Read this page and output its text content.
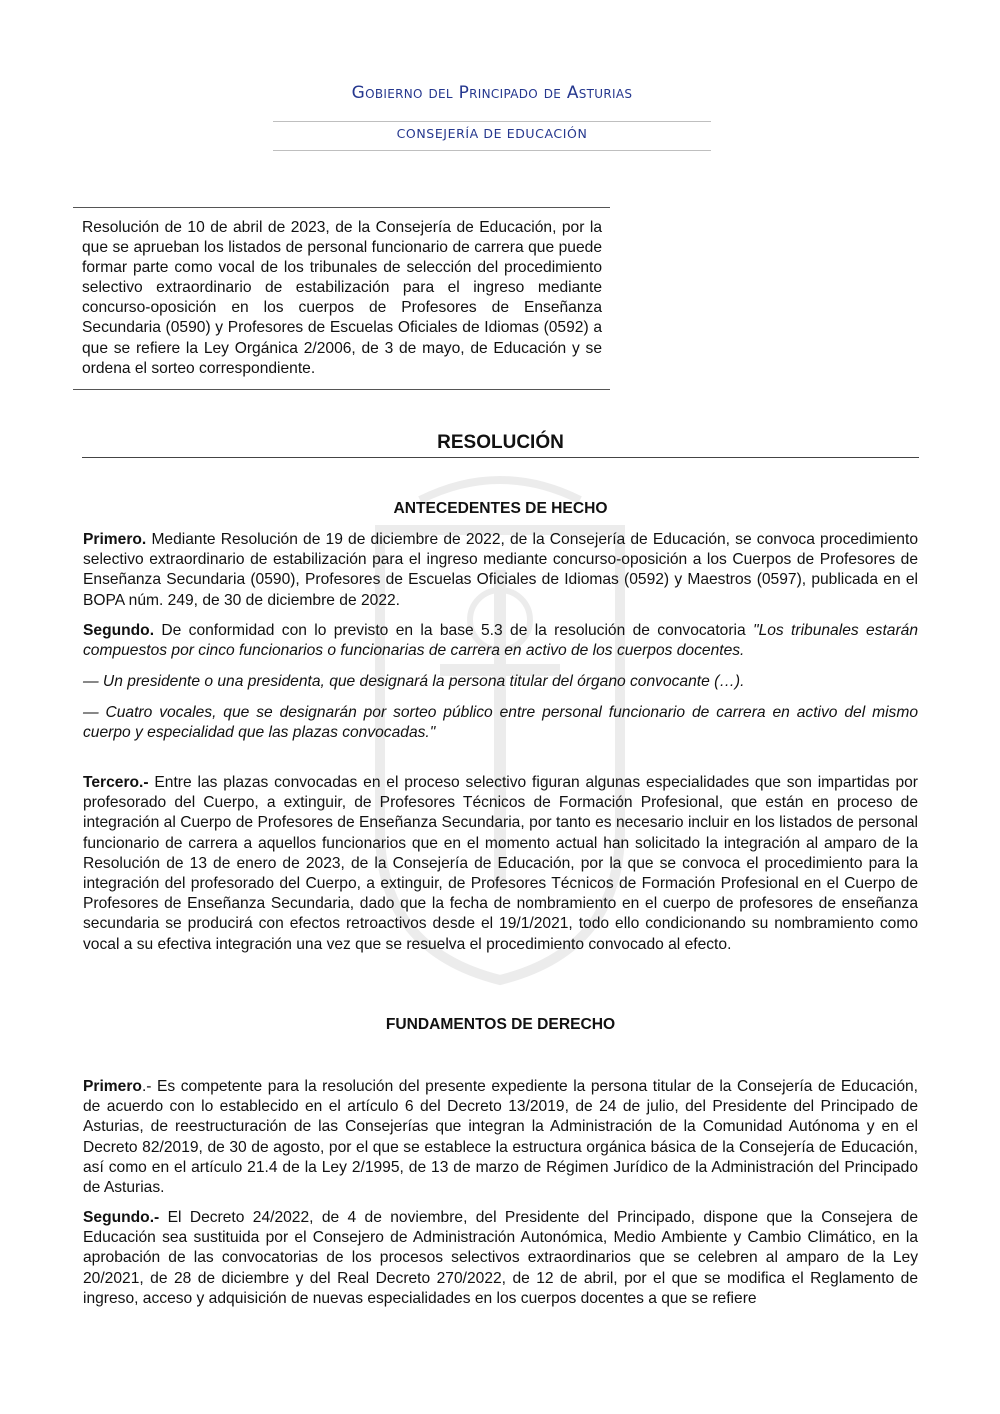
Gobierno del Principado de Asturias
CONSEJERÍA DE EDUCACIÓN

Resolución de 10 de abril de 2023, de la Consejería de Educación, por la que se aprueban los listados de personal funcionario de carrera que puede formar parte como vocal de los tribunales de selección del procedimiento selectivo extraordinario de estabilización para el ingreso mediante concurso-oposición en los cuerpos de Profesores de Enseñanza Secundaria (0590) y Profesores de Escuelas Oficiales de Idiomas (0592) a que se refiere la Ley Orgánica 2/2006, de 3 de mayo, de Educación y se ordena el sorteo correspondiente.

RESOLUCIÓN
ANTECEDENTES DE HECHO

Primero. Mediante Resolución de 19 de diciembre de 2022, de la Consejería de Educación, se convoca procedimiento selectivo extraordinario de estabilización para el ingreso mediante concurso-oposición a los Cuerpos de Profesores de Enseñanza Secundaria (0590), Profesores de Escuelas Oficiales de Idiomas (0592) y Maestros (0597), publicada en el BOPA núm. 249, de 30 de diciembre de 2022.

Segundo. De conformidad con lo previsto en la base 5.3 de la resolución de convocatoria "Los tribunales estarán compuestos por cinco funcionarios o funcionarias de carrera en activo de los cuerpos docentes.

— Un presidente o una presidenta, que designará la persona titular del órgano convocante (…).

— Cuatro vocales, que se designarán por sorteo público entre personal funcionario de carrera en activo del mismo cuerpo y especialidad que las plazas convocadas."

Tercero.- Entre las plazas convocadas en el proceso selectivo figuran algunas especialidades que son impartidas por profesorado del Cuerpo, a extinguir, de Profesores Técnicos de Formación Profesional, que están en proceso de integración al Cuerpo de Profesores de Enseñanza Secundaria, por tanto es necesario incluir en los listados de personal funcionario de carrera a aquellos funcionarios que en el momento actual han solicitado la integración al amparo de la Resolución de 13 de enero de 2023, de la Consejería de Educación, por la que se convoca el procedimiento para la integración del profesorado del Cuerpo, a extinguir, de Profesores Técnicos de Formación Profesional en el Cuerpo de Profesores de Enseñanza Secundaria, dado que la fecha de nombramiento en el cuerpo de profesores de enseñanza secundaria se producirá con efectos retroactivos desde el 19/1/2021, todo ello condicionando su nombramiento como vocal a su efectiva integración una vez que se resuelva el procedimiento convocado al efecto.

FUNDAMENTOS DE DERECHO

Primero.- Es competente para la resolución del presente expediente la persona titular de la Consejería de Educación, de acuerdo con lo establecido en el artículo 6 del Decreto 13/2019, de 24 de julio, del Presidente del Principado de Asturias, de reestructuración de las Consejerías que integran la Administración de la Comunidad Autónoma y en el Decreto 82/2019, de 30 de agosto, por el que se establece la estructura orgánica básica de la Consejería de Educación, así como en el artículo 21.4 de la Ley 2/1995, de 13 de marzo de Régimen Jurídico de la Administración del Principado de Asturias.

Segundo.- El Decreto 24/2022, de 4 de noviembre, del Presidente del Principado, dispone que la Consejera de Educación sea sustituida por el Consejero de Administración Autonómica, Medio Ambiente y Cambio Climático, en la aprobación de las convocatorias de los procesos selectivos extraordinarios que se celebren al amparo de la Ley 20/2021, de 28 de diciembre y del Real Decreto 270/2022, de 12 de abril, por el que se modifica el Reglamento de ingreso, acceso y adquisición de nuevas especialidades en los cuerpos docentes a que se refiere
